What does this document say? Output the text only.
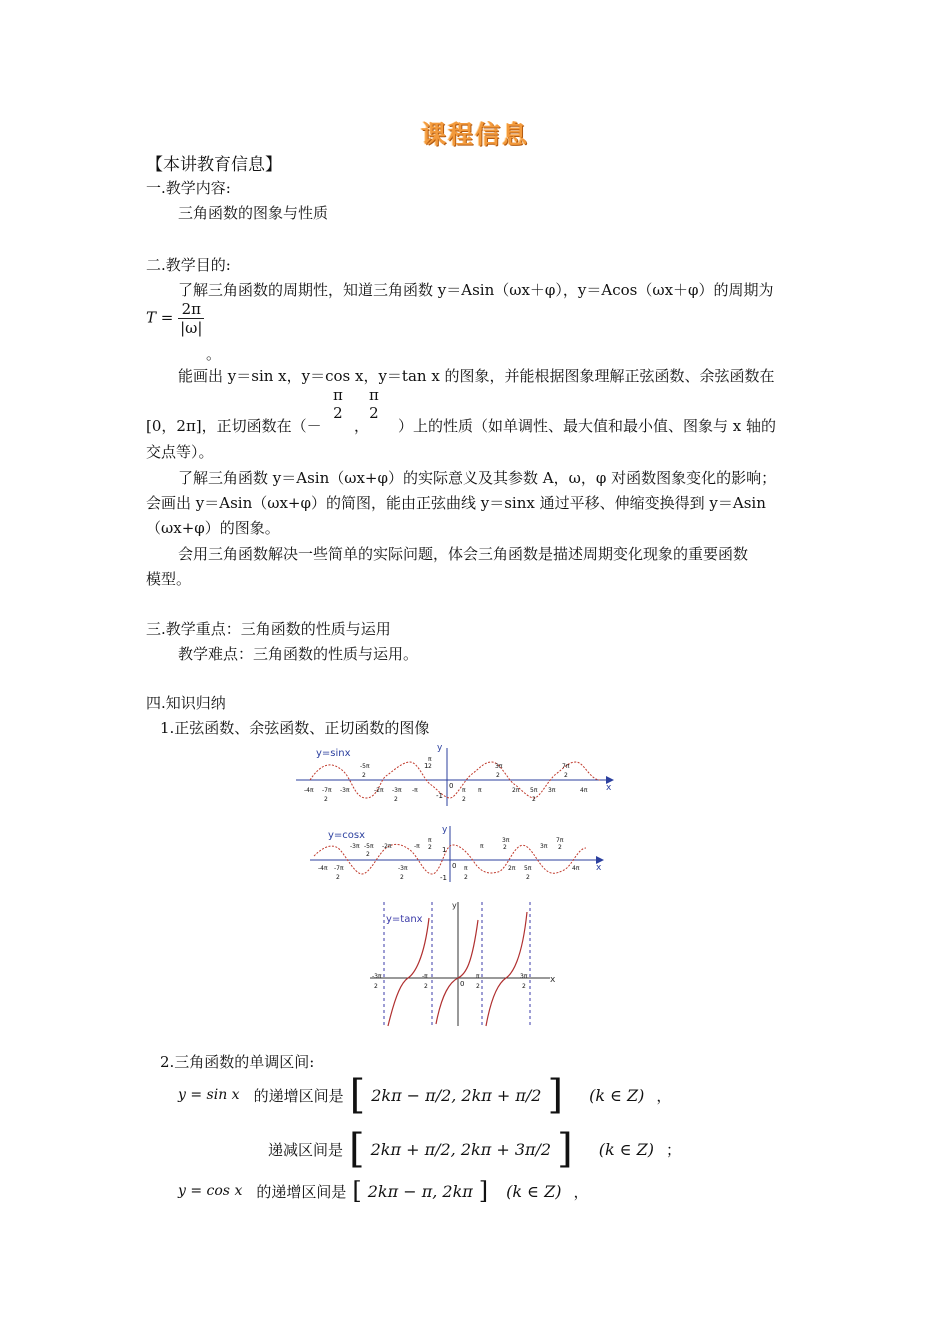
课程信息
【本讲教育信息】
一.教学内容:
三角函数的图象与性质
二.教学目的:
了解三角函数的周期性，知道三角函数 y＝Asin（ωx＋φ），y＝Acos（ωx＋φ）的周期为
$T = \frac{2\pi}{|\omega|}$
。
能画出 y＝sin x，y＝cos x，y＝tan x 的图象，并能根据图象理解正弦函数、余弦函数在
[0，2π]，正切函数在（－
π
2
，
π
2
）上的性质（如单调性、最大值和最小值、图象与 x 轴的
交点等）。
了解三角函数 y＝Asin（ωx+φ）的实际意义及其参数 A，ω，φ 对函数图象变化的影响；
会画出 y＝Asin（ωx+φ）的简图，能由正弦曲线 y＝sinx 通过平移、伸缩变换得到 y＝Asin
（ωx+φ）的图象。
会用三角函数解决一些简单的实际问题，体会三角函数是描述周期变化现象的重要函数
模型。
三.教学重点：三角函数的性质与运用
教学难点：三角函数的性质与运用。
四.知识归纳
1.正弦函数、余弦函数、正切函数的图像
x
y
y=sinx
1
-1
0
-5π
2
π
2	3π
2
7π
2
-4π -7π
2
-3π	-2π -3π
2
-π	π
2
π	2π 5π
2
3π	4π
x
y
y=cosx
1
-1
0
-4π -7π
2
-3π -5π
2
-2π
-3π
2
-π
π
2
π
2
π
3π
2
2π 5π
2
3π
7π
2
4π
x
y
y=tanx
-3π
2
-π
2	0
π
2
3π
2
2.三角函数的单调区间:
y = sin x 的递增区间是 [ 2kπ − π/2, 2kπ + π/2 ] (k ∈ Z) ，
递减区间是 [ 2kπ + π/2, 2kπ + 3π/2 ] (k ∈ Z) ；
y = cos x 的递增区间是 [ 2kπ − π, 2kπ ] (k ∈ Z) ，
